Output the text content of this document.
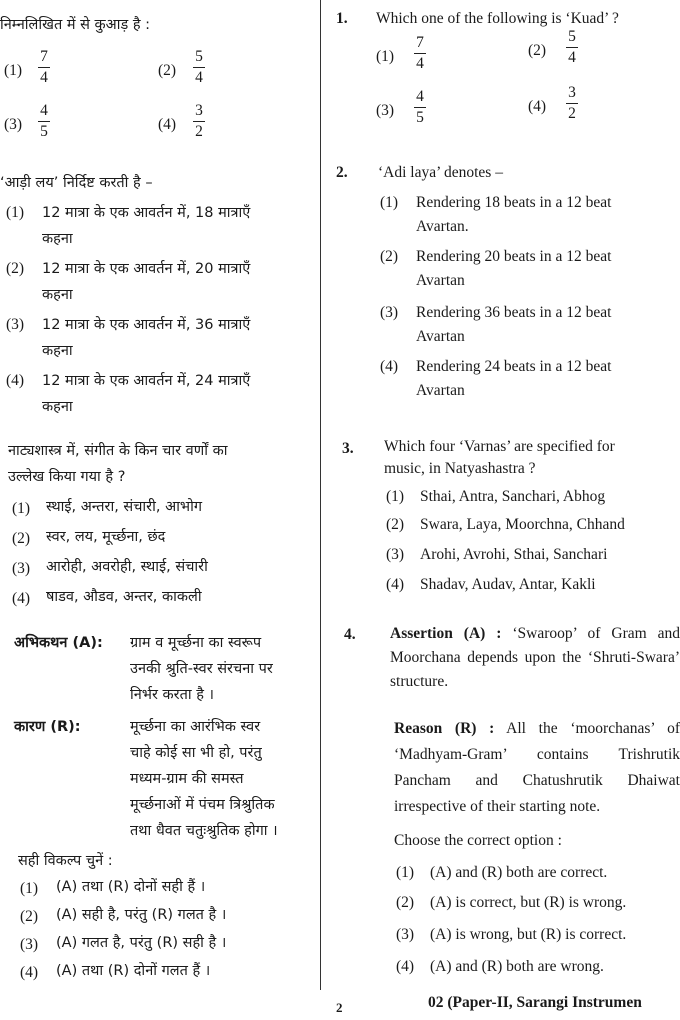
निम्नलिखित में से कुआड़ है :
(1)
7
4	(2)
5
4
(3)
4
5	(4)
3
2
‘आड़ी लय’ निर्दिष्ट करती है –
(1) 12 मात्रा के एक आवर्तन में, 18 मात्राएँ
कहना
(2) 12 मात्रा के एक आवर्तन में, 20 मात्राएँ
कहना
(3) 12 मात्रा के एक आवर्तन में, 36 मात्राएँ
कहना
(4) 12 मात्रा के एक आवर्तन में, 24 मात्राएँ
कहना
नाट्यशास्त्र में, संगीत के किन चार वर्णों का
उल्लेख किया गया है ?
(1) स्थाई, अन्तरा, संचारी, आभोग
(2) स्वर, लय, मूर्च्छना, छंद
(3) आरोही, अवरोही, स्थाई, संचारी
(4) षाडव, औडव, अन्तर, काकली
अभिकथन (A): ग्राम व मूर्च्छना का स्वरूप
उनकी श्रुति-स्वर संरचना पर
निर्भर करता है ।
कारण (R):	मूर्च्छना का आरंभिक स्वर
चाहे कोई सा भी हो, परंतु
मध्यम-ग्राम की समस्त
मूर्च्छनाओं में पंचम त्रिश्रुतिक
तथा धैवत चतुःश्रुतिक होगा ।
सही विकल्प चुनें :
(1) (A) तथा (R) दोनों सही हैं ।
(2) (A) सही है, परंतु (R) गलत है ।
(3) (A) गलत है, परंतु (R) सही है ।
(4) (A) तथा (R) दोनों गलत हैं ।
1. Which one of the following is ‘Kuad’ ?
(1)
7
4
(2)
5
4
(3)
4
5
(4)
3
2
2. ‘Adi laya’ denotes –
(1) Rendering 18 beats in a 12 beat
Avartan.
(2) Rendering 20 beats in a 12 beat
Avartan
(3) Rendering 36 beats in a 12 beat
Avartan
(4) Rendering 24 beats in a 12 beat
Avartan
3. Which four ‘Varnas’ are specified for
music, in Natyashastra ?
(1) Sthai, Antra, Sanchari, Abhog
(2) Swara, Laya, Moorchna, Chhand
(3) Arohi, Avrohi, Sthai, Sanchari
(4) Shadav, Audav, Antar, Kakli
4. Assertion (A) : ‘Swaroop’ of Gram and Moorchana depends upon the ‘Shruti-Swara’ structure.
Reason (R) : All the ‘moorchanas’ of ‘Madhyam-Gram’ contains Trishrutik Pancham and Chatushrutik Dhaiwat irrespective of their starting note.
Choose the correct option :
(1) (A) and (R) both are correct.
(2) (A) is correct, but (R) is wrong.
(3) (A) is wrong, but (R) is correct.
(4) (A) and (R) both are wrong.
2	02 (Paper-II, Sarangi Instrumen
